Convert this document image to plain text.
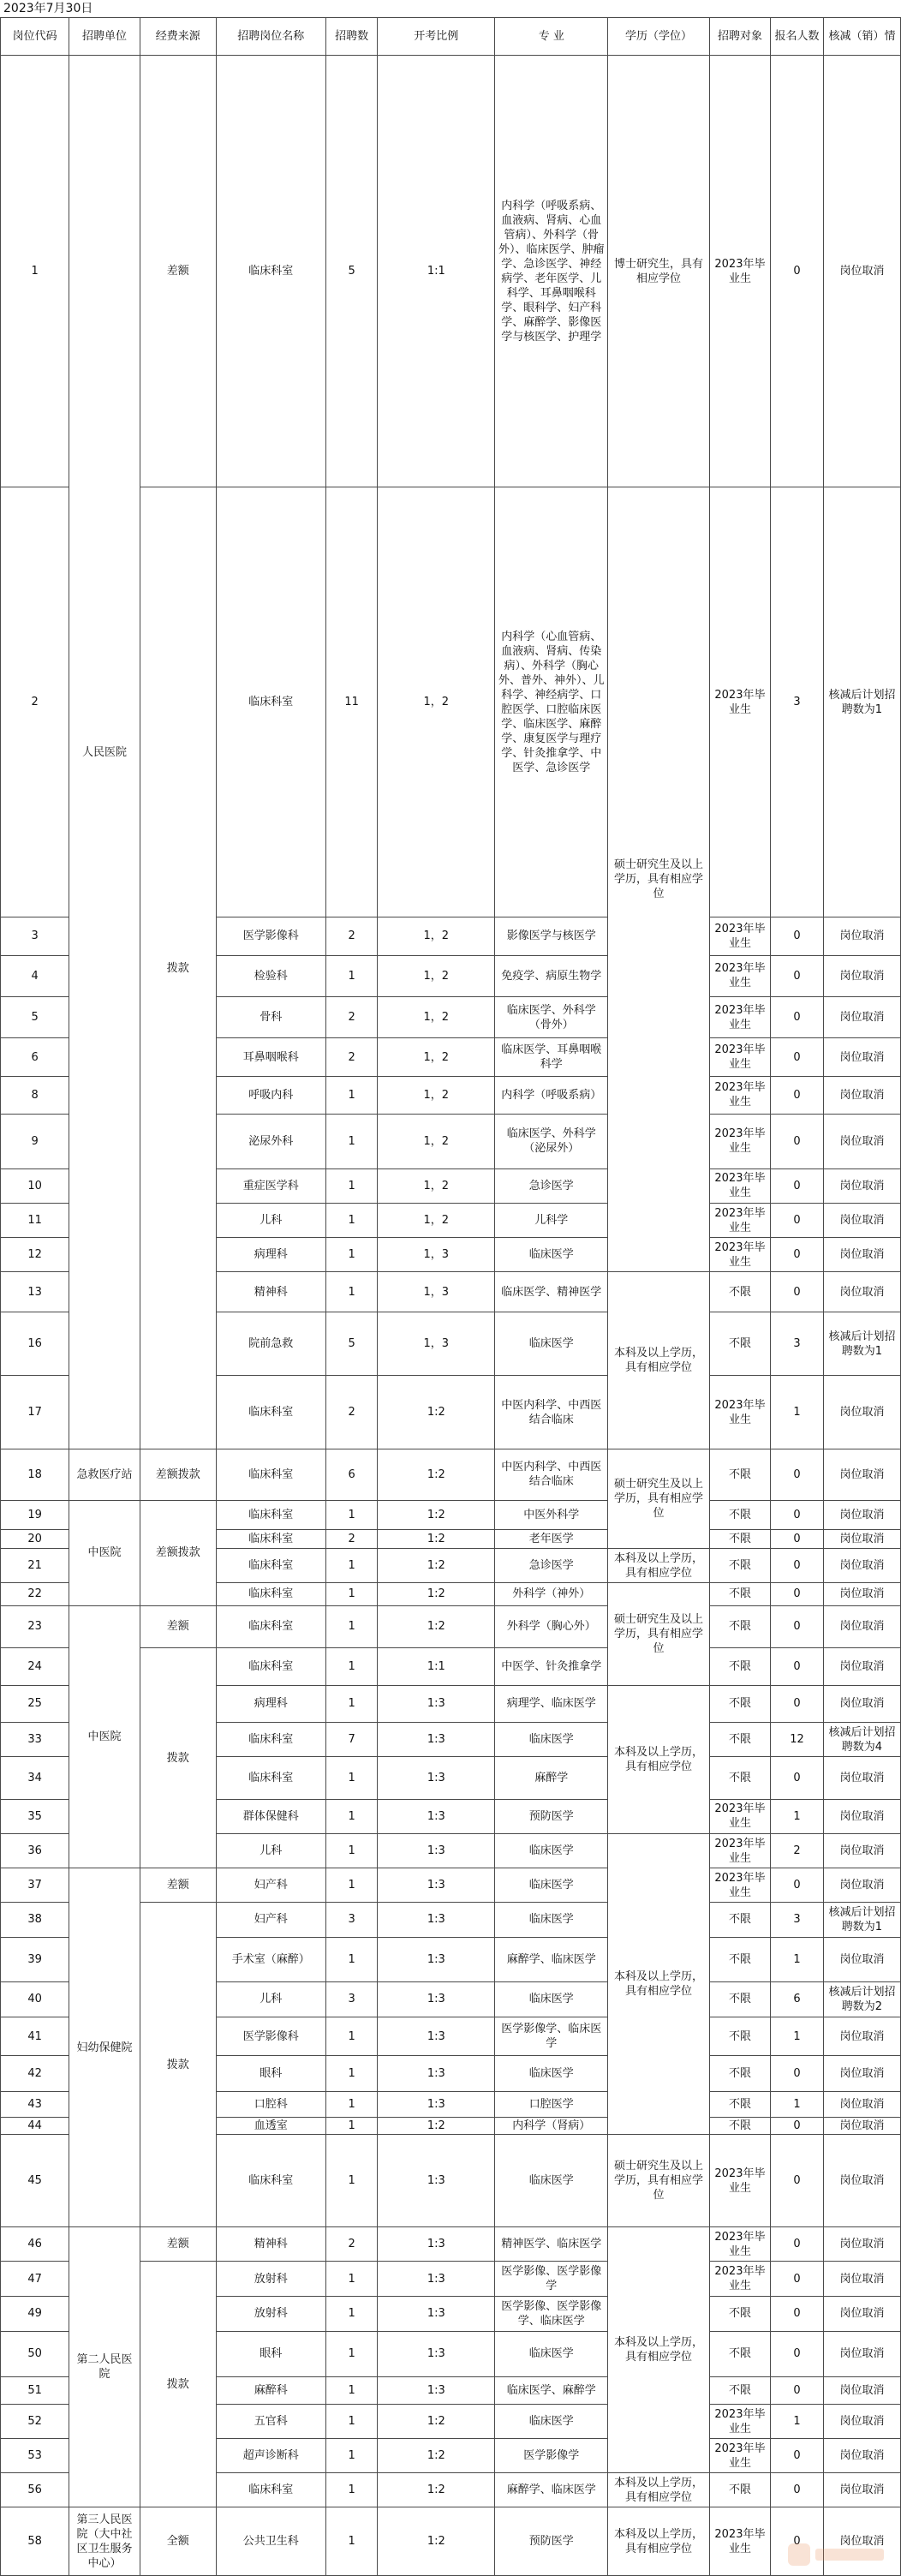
2023年7月30日
岗位代码	招聘单位	经费来源	招聘岗位名称	招聘数	开考比例	专 业	学历（学位）	招聘对象	报名人数	核减（销）情
1	人民医院	差额	临床科室	5	1:1	内科学（呼吸系病、血液病、肾病、心血管病）、外科学（骨外）、临床医学、肿瘤学、急诊医学、神经病学、老年医学、儿科学、耳鼻咽喉科学、眼科学、妇产科学、麻醉学、影像医学与核医学、护理学	博士研究生，具有相应学位	2023年毕业生	0	岗位取消
2		拨款	临床科室	11	1，2	内科学（心血管病、血液病、肾病、传染病）、外科学（胸心外、普外、神外）、儿科学、神经病学、口腔医学、口腔临床医学、临床医学、麻醉学、康复医学与理疗学、针灸推拿学、中医学、急诊医学	硕士研究生及以上学历，具有相应学位	2023年毕业生	3	核减后计划招聘数为1
3			医学影像科	2	1，2	影像医学与核医学		2023年毕业生	0	岗位取消
4			检验科	1	1，2	免疫学、病原生物学		2023年毕业生	0	岗位取消
5			骨科	2	1，2	临床医学、外科学（骨外）		2023年毕业生	0	岗位取消
6			耳鼻咽喉科	2	1，2	临床医学、耳鼻咽喉科学		2023年毕业生	0	岗位取消
8			呼吸内科	1	1，2	内科学（呼吸系病）		2023年毕业生	0	岗位取消
9			泌尿外科	1	1，2	临床医学、外科学（泌尿外）		2023年毕业生	0	岗位取消
10			重症医学科	1	1，2	急诊医学		2023年毕业生	0	岗位取消
11			儿科	1	1，2	儿科学		2023年毕业生	0	岗位取消
12			病理科	1	1，3	临床医学		2023年毕业生	0	岗位取消
13			精神科	1	1，3	临床医学、精神医学	本科及以上学历，具有相应学位	不限	0	岗位取消
16			院前急救	5	1，3	临床医学		不限	3	核减后计划招聘数为1
17			临床科室	2	1:2	中医内科学、中西医结合临床		2023年毕业生	1	岗位取消
18	急救医疗站	差额拨款	临床科室	6	1:2	中医内科学、中西医结合临床	硕士研究生及以上学历，具有相应学位	不限	0	岗位取消
19	中医院	差额拨款	临床科室	1	1:2	中医外科学		不限	0	岗位取消
20			临床科室	2	1:2	老年医学		不限	0	岗位取消
21			临床科室	1	1:2	急诊医学	本科及以上学历，具有相应学位	不限	0	岗位取消
22			临床科室	1	1:2	外科学（神外）	硕士研究生及以上学历，具有相应学位	不限	0	岗位取消
23	中医院	差额	临床科室	1	1:2	外科学（胸心外）		不限	0	岗位取消
24		拨款	临床科室	1	1:1	中医学、针灸推拿学		不限	0	岗位取消
25			病理科	1	1:3	病理学、临床医学	本科及以上学历，具有相应学位	不限	0	岗位取消
33			临床科室	7	1:3	临床医学		不限	12	核减后计划招聘数为4
34			临床科室	1	1:3	麻醉学		不限	0	岗位取消
35			群体保健科	1	1:3	预防医学		2023年毕业生	1	岗位取消
36			儿科	1	1:3	临床医学	本科及以上学历，具有相应学位	2023年毕业生	2	岗位取消
37	妇幼保健院	差额	妇产科	1	1:3	临床医学		2023年毕业生	0	岗位取消
38		拨款	妇产科	3	1:3	临床医学		不限	3	核减后计划招聘数为1
39			手术室（麻醉）	1	1:3	麻醉学、临床医学		不限	1	岗位取消
40			儿科	3	1:3	临床医学		不限	6	核减后计划招聘数为2
41			医学影像科	1	1:3	医学影像学、临床医学		不限	1	岗位取消
42			眼科	1	1:3	临床医学		不限	0	岗位取消
43			口腔科	1	1:3	口腔医学		不限	1	岗位取消
44			血透室	1	1:2	内科学（肾病）		不限	0	岗位取消
45			临床科室	1	1:3	临床医学	硕士研究生及以上学历，具有相应学位	2023年毕业生	0	岗位取消
46	第二人民医院	差额	精神科	2	1:3	精神医学、临床医学	本科及以上学历，具有相应学位	2023年毕业生	0	岗位取消
47		拨款	放射科	1	1:3	医学影像、医学影像学		2023年毕业生	0	岗位取消
49			放射科	1	1:3	医学影像、医学影像学、临床医学		不限	0	岗位取消
50			眼科	1	1:3	临床医学		不限	0	岗位取消
51			麻醉科	1	1:3	临床医学、麻醉学		不限	0	岗位取消
52			五官科	1	1:2	临床医学		2023年毕业生	1	岗位取消
53			超声诊断科	1	1:2	医学影像学		2023年毕业生	0	岗位取消
56			临床科室	1	1:2	麻醉学、临床医学	本科及以上学历，具有相应学位	不限	0	岗位取消
58	第三人民医院（大中社区卫生服务中心）	全额	公共卫生科	1	1:2	预防医学	本科及以上学历，具有相应学位	2023年毕业生	0	岗位取消
